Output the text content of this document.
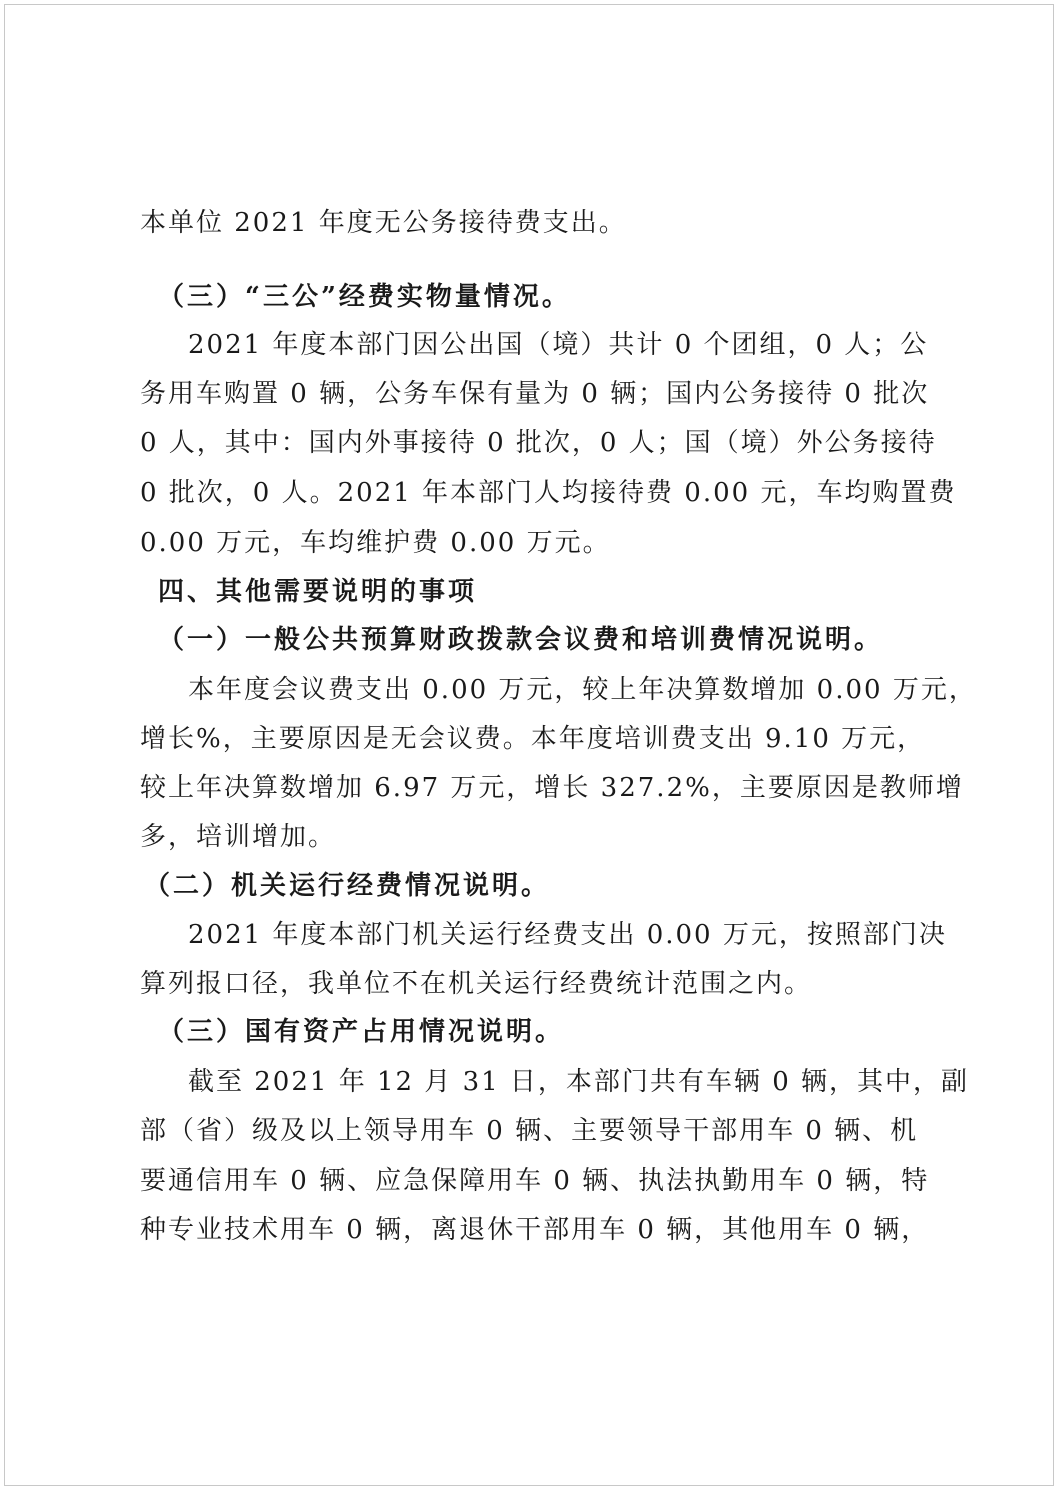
本单位 2021 年度无公务接待费支出。
（三）“三公”经费实物量情况。
2021 年度本部门因公出国（境）共计 0 个团组，0 人；公
务用车购置 0 辆，公务车保有量为 0 辆；国内公务接待 0 批次
0 人，其中：国内外事接待 0 批次，0 人；国（境）外公务接待
0 批次，0 人。2021 年本部门人均接待费 0.00 元，车均购置费
0.00 万元，车均维护费 0.00 万元。
四、其他需要说明的事项
（一）一般公共预算财政拨款会议费和培训费情况说明。
本年度会议费支出 0.00 万元，较上年决算数增加 0.00 万元，
增长%，主要原因是无会议费。本年度培训费支出 9.10 万元，
较上年决算数增加 6.97 万元，增长 327.2%，主要原因是教师增
多，培训增加。
（二）机关运行经费情况说明。
2021 年度本部门机关运行经费支出 0.00 万元，按照部门决
算列报口径，我单位不在机关运行经费统计范围之内。
（三）国有资产占用情况说明。
截至 2021 年 12 月 31 日，本部门共有车辆 0 辆，其中，副
部（省）级及以上领导用车 0 辆、主要领导干部用车 0 辆、机
要通信用车 0 辆、应急保障用车 0 辆、执法执勤用车 0 辆，特
种专业技术用车 0 辆，离退休干部用车 0 辆，其他用车 0 辆，
